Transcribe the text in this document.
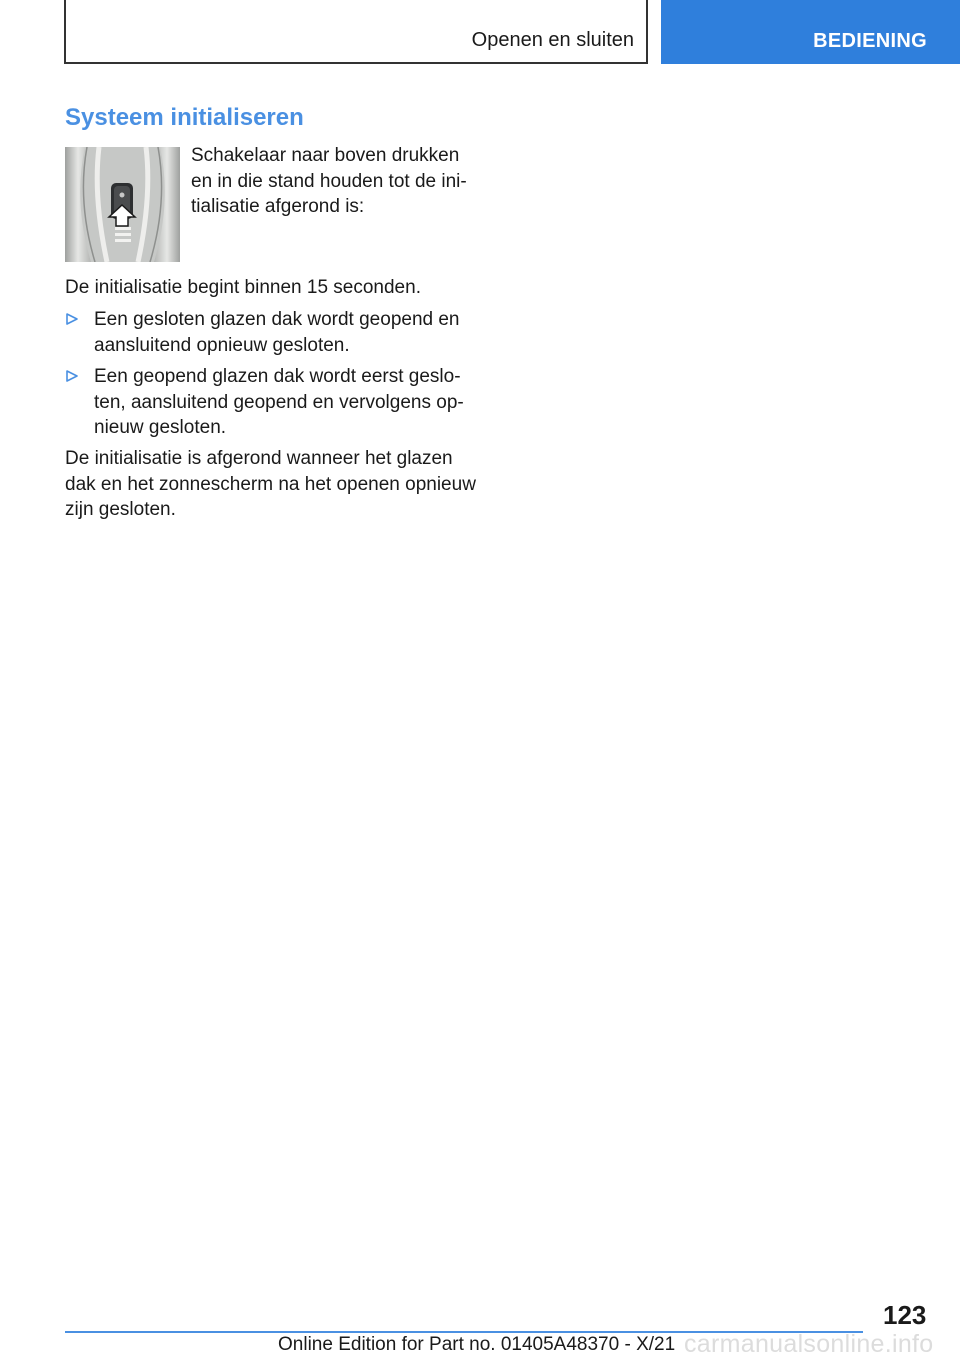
Openen en sluiten	BEDIENING
Systeem initialiseren

Schakelaar naar boven drukken en in die stand houden tot de initialisatie afgerond is:

De initialisatie begint binnen 15 seconden.

Een gesloten glazen dak wordt geopend en aansluitend opnieuw gesloten.
Een geopend glazen dak wordt eerst gesloten, aansluitend geopend en vervolgens opnieuw gesloten.

De initialisatie is afgerond wanneer het glazen dak en het zonnescherm na het openen opnieuw zijn gesloten.

123
Online Edition for Part no. 01405A48370 - X/21 carmanualsonline.info
